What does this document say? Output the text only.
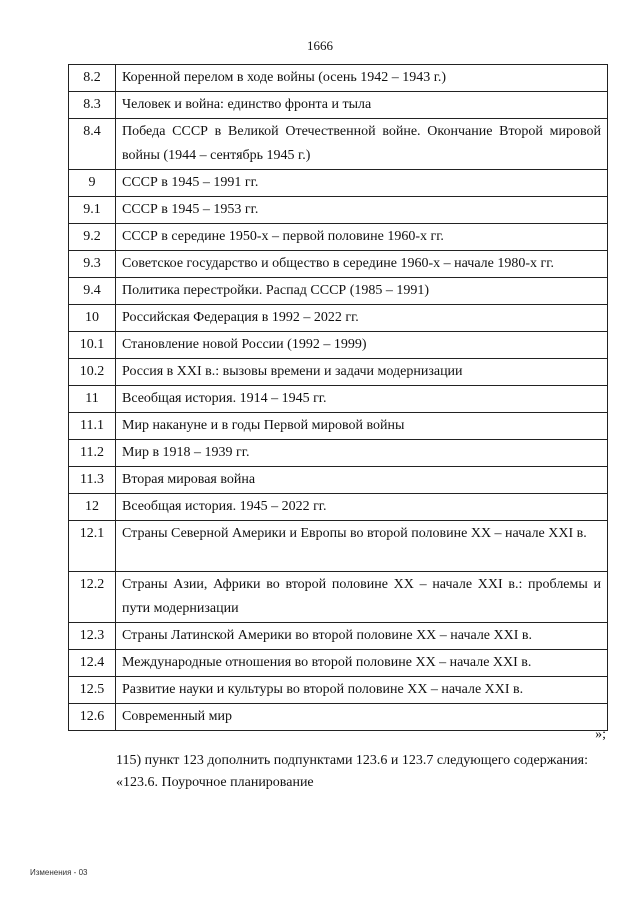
1666
8.2	Коренной перелом в ходе войны (осень 1942 – 1943 г.)
8.3	Человек и война: единство фронта и тыла
8.4	Победа СССР в Великой Отечественной войне. Окончание Второй мировой войны (1944 – сентябрь 1945 г.)
9	СССР в 1945 – 1991 гг.
9.1	СССР в 1945 – 1953 гг.
9.2	СССР в середине 1950-х – первой половине 1960-х гг.
9.3	Советское государство и общество в середине 1960-х – начале 1980-х гг.
9.4	Политика перестройки. Распад СССР (1985 – 1991)
10	Российская Федерация в 1992 – 2022 гг.
10.1	Становление новой России (1992 – 1999)
10.2	Россия в XXI в.: вызовы времени и задачи модернизации
11	Всеобщая история. 1914 – 1945 гг.
11.1	Мир накануне и в годы Первой мировой войны
11.2	Мир в 1918 – 1939 гг.
11.3	Вторая мировая война
12	Всеобщая история. 1945 – 2022 гг.
12.1	Страны Северной Америки и Европы во второй половине XX – начале XXI в.
12.2	Страны Азии, Африки во второй половине XX – начале XXI в.: проблемы и пути модернизации
12.3	Страны Латинской Америки во второй половине XX – начале XXI в.
12.4	Международные отношения во второй половине XX – начале XXI в.
12.5	Развитие науки и культуры во второй половине XX – начале XXI в.
12.6	Современный мир
»;
115) пункт 123 дополнить подпунктами 123.6 и 123.7 следующего содержания:
«123.6. Поурочное планирование
Изменения - 03
